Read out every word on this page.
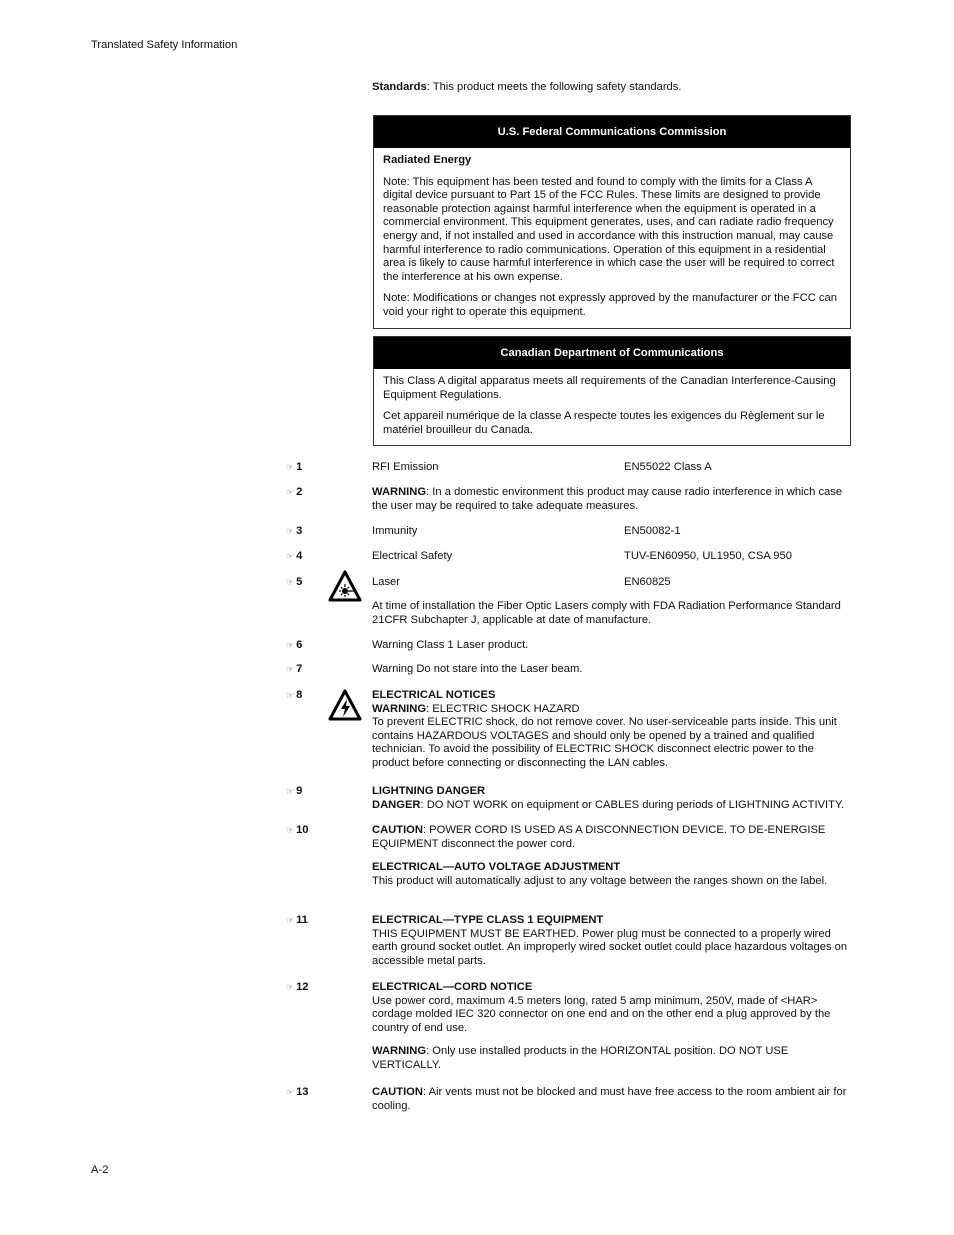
Translated Safety Information
Standards: This product meets the following safety standards.
U.S. Federal Communications Commission
Radiated Energy

Note: This equipment has been tested and found to comply with the limits for a Class A digital device pursuant to Part 15 of the FCC Rules. These limits are designed to provide reasonable protection against harmful interference when the equipment is operated in a commercial environment. This equipment generates, uses, and can radiate radio frequency energy and, if not installed and used in accordance with this instruction manual, may cause harmful interference to radio communications. Operation of this equipment in a residential area is likely to cause harmful interference in which case the user will be required to correct the interference at his own expense.

Note: Modifications or changes not expressly approved by the manufacturer or the FCC can void your right to operate this equipment.

Canadian Department of Communications

This Class A digital apparatus meets all requirements of the Canadian Interference-Causing Equipment Regulations.

Cet appareil numérique de la classe A respecte toutes les exigences du Règlement sur le matériel brouilleur du Canada.

☞ 1	RFI Emission	EN55022 Class A
☞ 2	WARNING: In a domestic environment this product may cause radio interference in which case the user may be required to take adequate measures.
☞ 3	Immunity	EN50082-1
☞ 4	Electrical Safety	TUV-EN60950, UL1950, CSA 950
☞ 5	Laser	EN60825
At time of installation the Fiber Optic Lasers comply with FDA Radiation Performance Standard 21CFR Subchapter J, applicable at date of manufacture.
☞ 6	Warning Class 1 Laser product.
☞ 7	Warning Do not stare into the Laser beam.
☞ 8	ELECTRICAL NOTICES

WARNING: ELECTRIC SHOCK HAZARD

To prevent ELECTRIC shock, do not remove cover. No user-serviceable parts inside. This unit contains HAZARDOUS VOLTAGES and should only be opened by a trained and qualified technician. To avoid the possibility of ELECTRIC SHOCK disconnect electric power to the product before connecting or disconnecting the LAN cables.

☞ 9	LIGHTNING DANGER

DANGER: DO NOT WORK on equipment or CABLES during periods of LIGHTNING ACTIVITY.

☞ 10	CAUTION: POWER CORD IS USED AS A DISCONNECTION DEVICE. TO DE-ENERGISE EQUIPMENT disconnect the power cord.

ELECTRICAL—AUTO VOLTAGE ADJUSTMENT

This product will automatically adjust to any voltage between the ranges shown on the label.

☞ 11	ELECTRICAL—TYPE CLASS 1 EQUIPMENT

THIS EQUIPMENT MUST BE EARTHED. Power plug must be connected to a properly wired earth ground socket outlet. An improperly wired socket outlet could place hazardous voltages on accessible metal parts.

☞ 12	ELECTRICAL—CORD NOTICE

Use power cord, maximum 4.5 meters long, rated 5 amp minimum, 250V, made of <HAR> cordage molded IEC 320 connector on one end and on the other end a plug approved by the country of end use.

WARNING: Only use installed products in the HORIZONTAL position. DO NOT USE VERTICALLY.

☞ 13	CAUTION: Air vents must not be blocked and must have free access to the room ambient air for cooling.
A-2
